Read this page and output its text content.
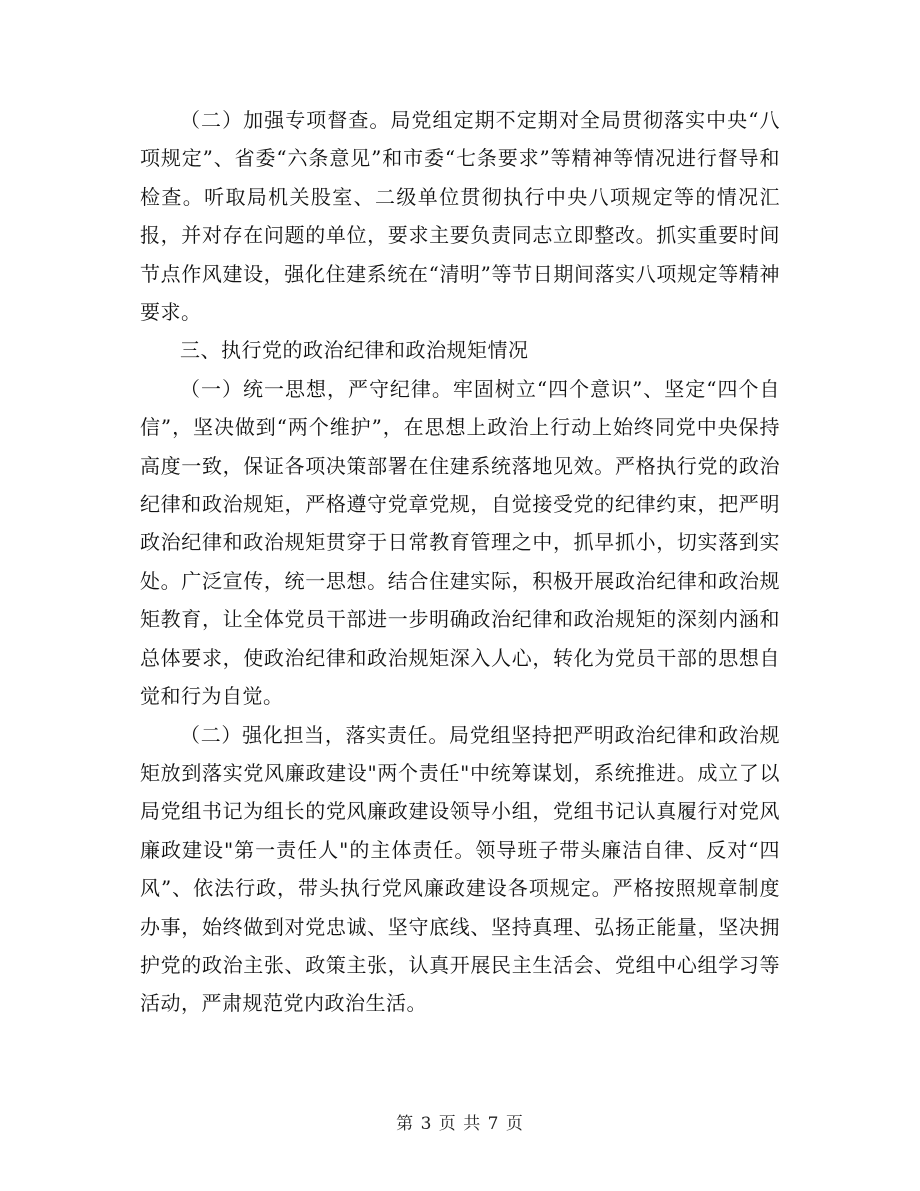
（二）加强专项督查。局党组定期不定期对全局贯彻落实中央“八项规定”、省委“六条意见”和市委“七条要求”等精神等情况进行督导和检查。听取局机关股室、二级单位贯彻执行中央八项规定等的情况汇报，并对存在问题的单位，要求主要负责同志立即整改。抓实重要时间节点作风建设，强化住建系统在“清明”等节日期间落实八项规定等精神要求。

三、执行党的政治纪律和政治规矩情况

（一）统一思想，严守纪律。牢固树立“四个意识”、坚定“四个自信”，坚决做到“两个维护”，在思想上政治上行动上始终同党中央保持高度一致，保证各项决策部署在住建系统落地见效。严格执行党的政治纪律和政治规矩，严格遵守党章党规，自觉接受党的纪律约束，把严明政治纪律和政治规矩贯穿于日常教育管理之中，抓早抓小，切实落到实处。广泛宣传，统一思想。结合住建实际，积极开展政治纪律和政治规矩教育，让全体党员干部进一步明确政治纪律和政治规矩的深刻内涵和总体要求，使政治纪律和政治规矩深入人心，转化为党员干部的思想自觉和行为自觉。

（二）强化担当，落实责任。局党组坚持把严明政治纪律和政治规矩放到落实党风廉政建设"两个责任"中统筹谋划，系统推进。成立了以局党组书记为组长的党风廉政建设领导小组，党组书记认真履行对党风廉政建设"第一责任人"的主体责任。领导班子带头廉洁自律、反对“四风”、依法行政，带头执行党风廉政建设各项规定。严格按照规章制度办事，始终做到对党忠诚、坚守底线、坚持真理、弘扬正能量，坚决拥护党的政治主张、政策主张，认真开展民主生活会、党组中心组学习等活动，严肃规范党内政治生活。

第 3 页 共 7 页
